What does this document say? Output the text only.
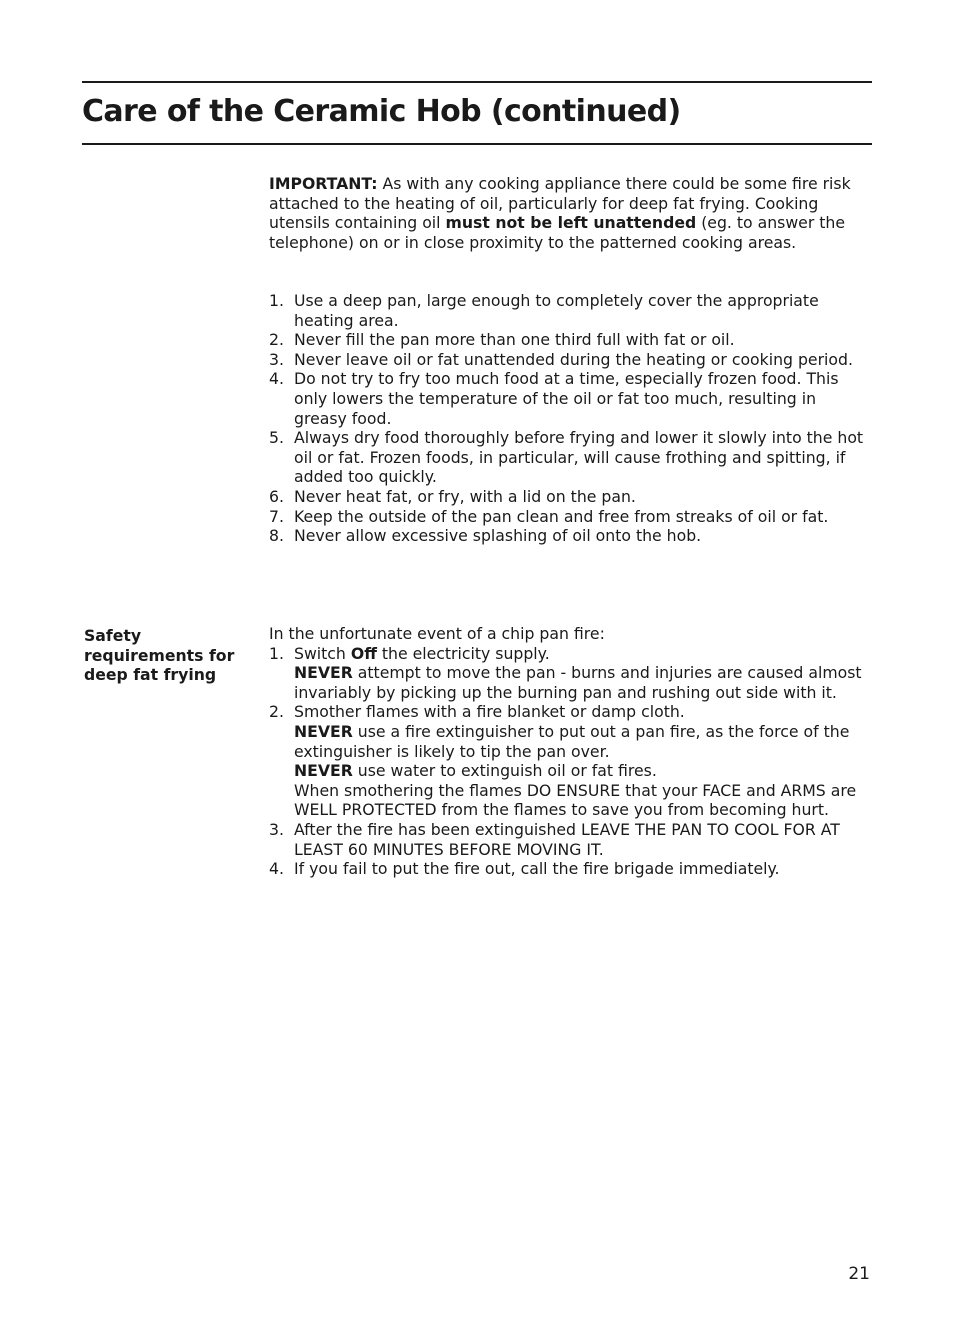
Care of the Ceramic Hob (continued)

IMPORTANT: As with any cooking appliance there could be some fire risk attached to the heating of oil, particularly for deep fat frying. Cooking utensils containing oil must not be left unattended (eg. to answer the telephone) on or in close proximity to the patterned cooking areas.

1. Use a deep pan, large enough to completely cover the appropriate heating area.
2. Never fill the pan more than one third full with fat or oil.
3. Never leave oil or fat unattended during the heating or cooking period.
4. Do not try to fry too much food at a time, especially frozen food. This only lowers the temperature of the oil or fat too much, resulting in greasy food.
5. Always dry food thoroughly before frying and lower it slowly into the hot oil or fat. Frozen foods, in particular, will cause frothing and spitting, if added too quickly.
6. Never heat fat, or fry, with a lid on the pan.
7. Keep the outside of the pan clean and free from streaks of oil or fat.
8. Never allow excessive splashing of oil onto the hob.
Safety requirements for deep fat frying

In the unfortunate event of a chip pan fire:

1. Switch Off the electricity supply.
NEVER attempt to move the pan - burns and injuries are caused almost invariably by picking up the burning pan and rushing out side with it.
2. Smother flames with a fire blanket or damp cloth.
NEVER use a fire extinguisher to put out a pan fire, as the force of the extinguisher is likely to tip the pan over.
NEVER use water to extinguish oil or fat fires.
When smothering the flames DO ENSURE that your FACE and ARMS are WELL PROTECTED from the flames to save you from becoming hurt.
3. After the fire has been extinguished LEAVE THE PAN TO COOL FOR AT LEAST 60 MINUTES BEFORE MOVING IT.
4. If you fail to put the fire out, call the fire brigade immediately.
21
